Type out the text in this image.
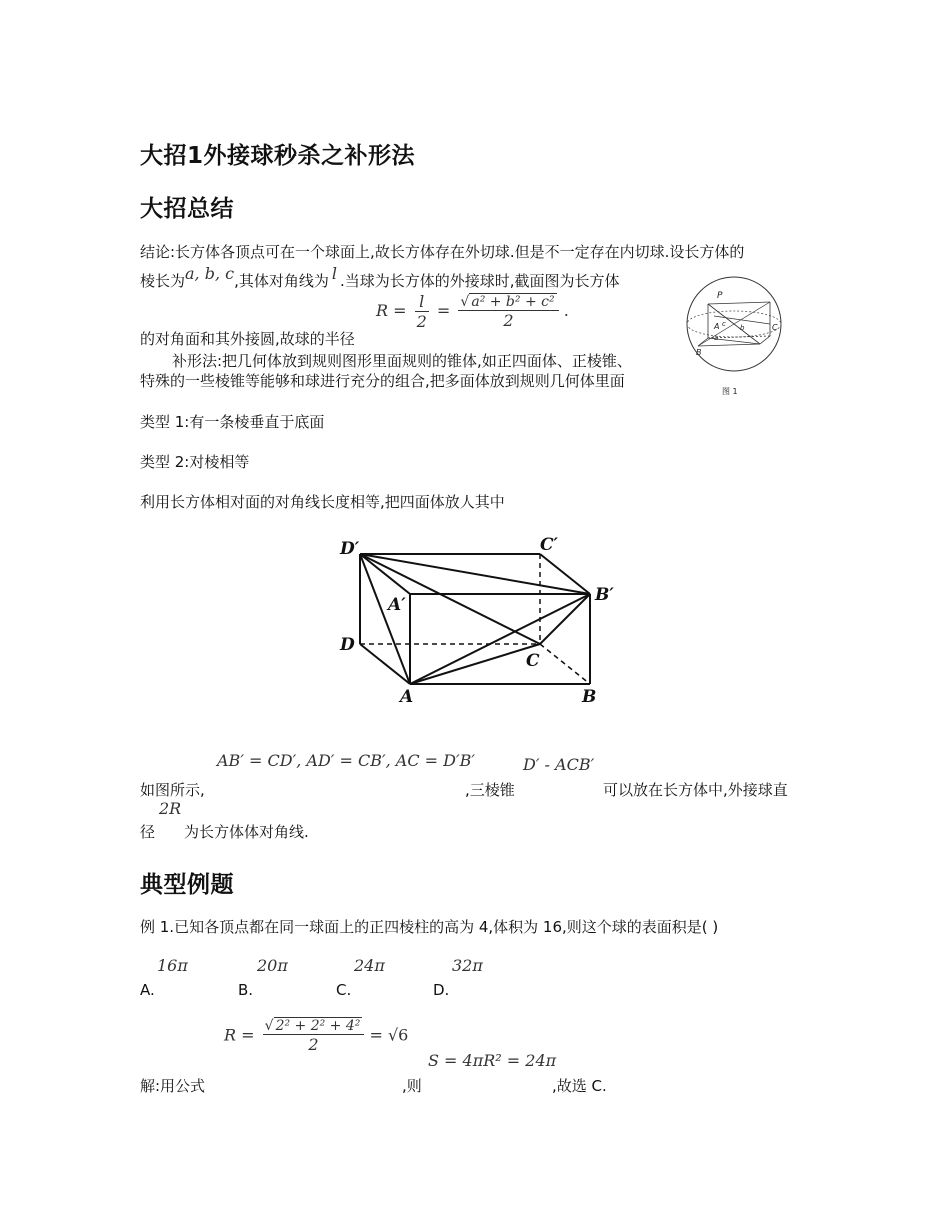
大招1外接球秒杀之补形法
大招总结
结论:长方体各顶点可在一个球面上,故长方体存在外切球.但是不一定存在内切球.设长方体的
棱长为a, b, c,其体对角线为 l .当球为长方体的外接球时,截面图为长方体
$R = \frac{l}{2} = \frac{\text{√ a² + b² + c²}}{2}$ .
的对角面和其外接圆,故球的半径
补形法:把几何体放到规则图形里面规则的锥体,如正四面体、正棱锥、
特殊的一些棱锥等能够和球进行充分的组合,把多面体放到规则几何体里面
P
A c b
a
C
B
图 1
类型 1:有一条棱垂直于底面
类型 2:对棱相等
利用长方体相对面的对角线长度相等,把四面体放人其中
D′	C′
A′	B′
D
C
A	B
AB′ = CD′, AD′ = CB′, AC = D′B′	D′ - ACB′
如图所示,	,三棱锥	可以放在长方体中,外接球直
2R
径 为长方体体对角线.
典型例题
例 1.已知各顶点都在同一球面上的正四棱柱的高为 4,体积为 16,则这个球的表面积是( )
16π	20π	24π	32π
A.	B.	C.	D.
$R = \frac{\text{√ 2² + 2² + 4²}}{2} = √6$
S = 4πR² = 24π
解:用公式	,则	,故选 C.
